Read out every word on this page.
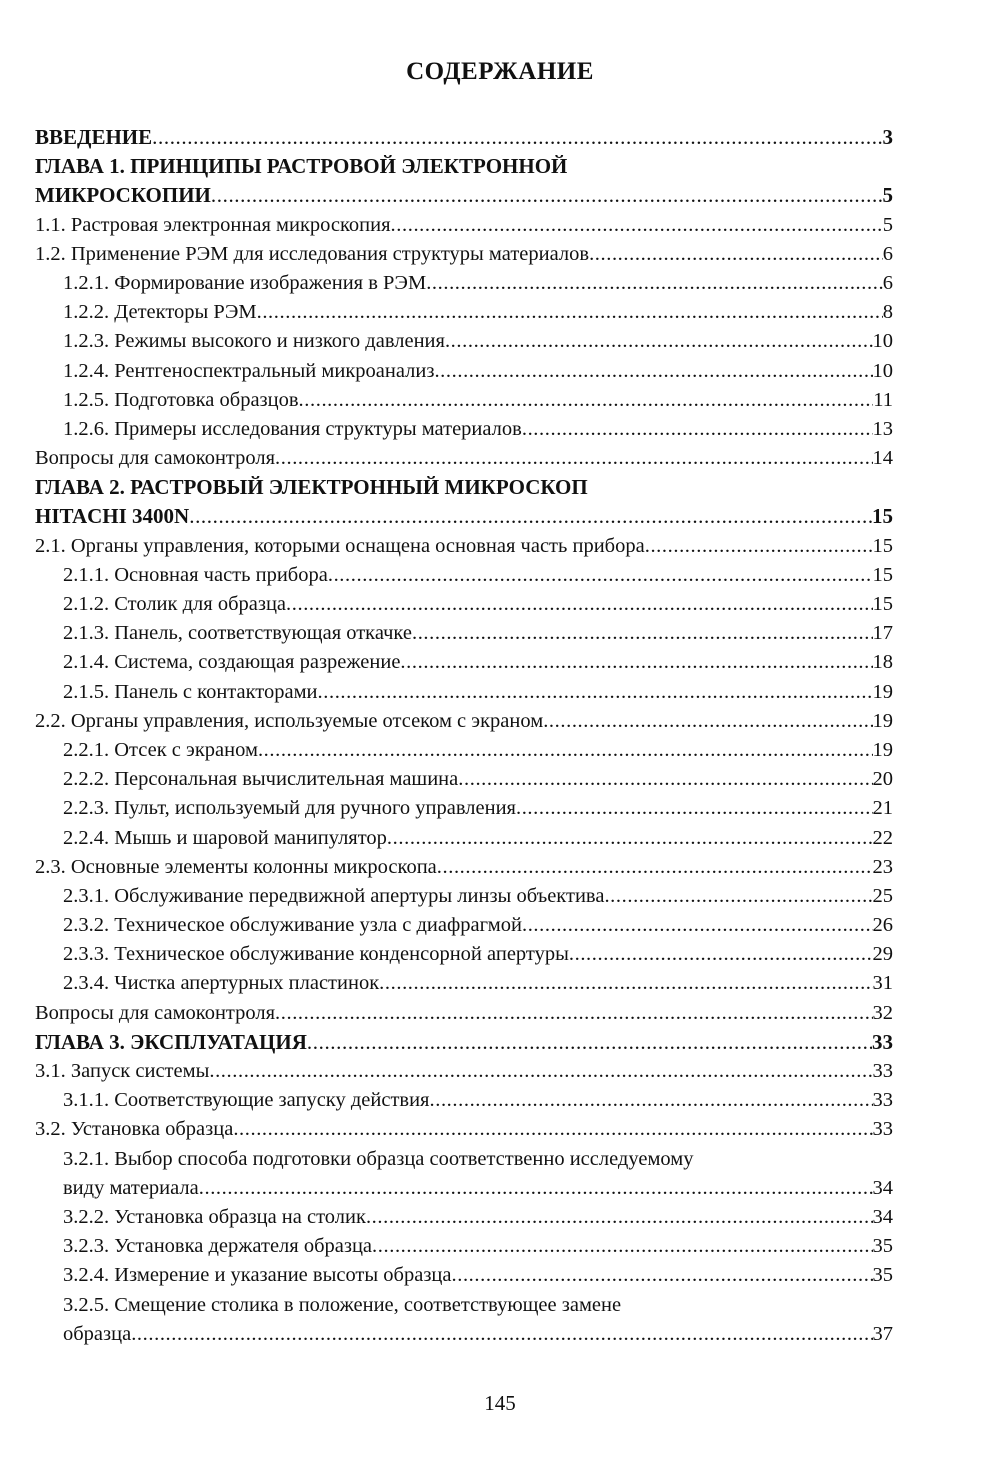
СОДЕРЖАНИЕ
ВВЕДЕНИЕ .....	3
ГЛАВА 1. ПРИНЦИПЫ РАСТРОВОЙ ЭЛЕКТРОННОЙ
МИКРОСКОПИИ .....	5
1.1. Растровая электронная микроскопия .....	5
1.2. Применение РЭМ для исследования структуры материалов .....	6
1.2.1. Формирование изображения в РЭМ .....	6
1.2.2. Детекторы РЭМ .....	8
1.2.3. Режимы высокого и низкого давления .....	10
1.2.4. Рентгеноспектральный микроанализ .....	10
1.2.5. Подготовка образцов .....	11
1.2.6. Примеры исследования структуры материалов .....	13
Вопросы для самоконтроля .....	14
ГЛАВА 2. РАСТРОВЫЙ ЭЛЕКТРОННЫЙ МИКРОСКОП
HITACHI 3400N .....	15
2.1. Органы управления, которыми оснащена основная часть прибора .....	15
2.1.1. Основная часть прибора .....	15
2.1.2. Столик для образца .....	15
2.1.3. Панель, соответствующая откачке .....	17
2.1.4. Система, создающая разрежение .....	18
2.1.5. Панель с контакторами .....	19
2.2. Органы управления, используемые отсеком с экраном .....	19
2.2.1. Отсек с экраном .....	19
2.2.2. Персональная вычислительная машина .....	20
2.2.3. Пульт, используемый для ручного управления .....	21
2.2.4. Мышь и шаровой манипулятор .....	22
2.3. Основные элементы колонны микроскопа .....	23
2.3.1. Обслуживание передвижной апертуры линзы объектива .....	25
2.3.2. Техническое обслуживание узла с диафрагмой .....	26
2.3.3. Техническое обслуживание конденсорной апертуры .....	29
2.3.4. Чистка апертурных пластинок .....	31
Вопросы для самоконтроля .....	32
ГЛАВА 3. ЭКСПЛУАТАЦИЯ .....	33
3.1. Запуск системы .....	33
3.1.1. Соответствующие запуску действия .....	33
3.2. Установка образца .....	33
3.2.1. Выбор способа подготовки образца соответственно исследуемому
виду материала .....	34
3.2.2. Установка образца на столик .....	34
3.2.3. Установка держателя образца .....	35
3.2.4. Измерение и указание высоты образца .....	35
3.2.5. Смещение столика в положение, соответствующее замене
образца .....	37
145
